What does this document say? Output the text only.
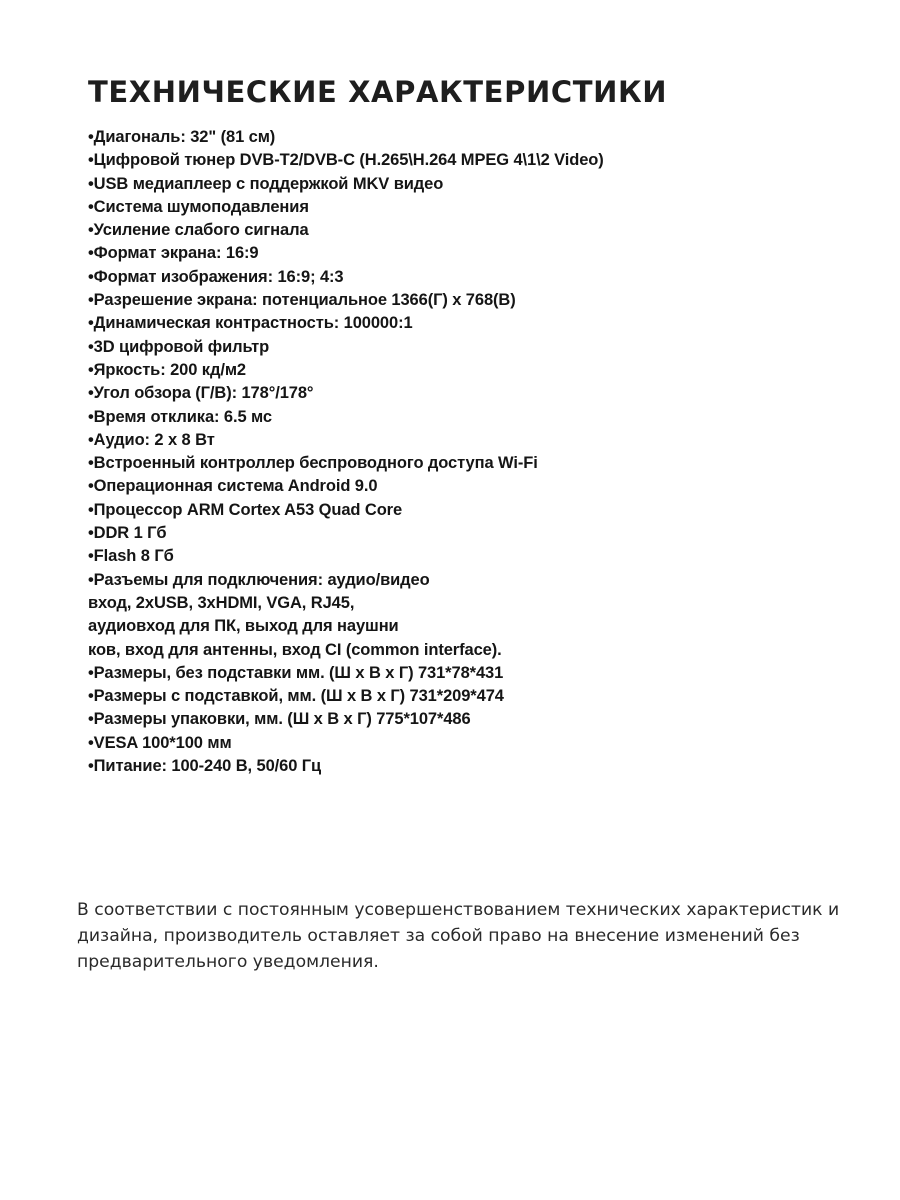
ТЕХНИЧЕСКИЕ ХАРАКТЕРИСТИКИ
•Диагональ: 32" (81 см)
•Цифровой тюнер DVB-T2/DVB-C (H.265\H.264 MPEG 4\1\2 Video)
•USB медиаплеер с поддержкой MKV видео
•Система шумоподавления
•Усиление слабого сигнала
•Формат экрана: 16:9
•Формат изображения: 16:9; 4:3
•Разрешение экрана: потенциальное 1366(Г) x 768(В)
•Динамическая контрастность: 100000:1
•3D цифровой фильтр
•Яркость: 200 кд/м2
•Угол обзора (Г/В): 178°/178°
•Время отклика: 6.5 мс
•Аудио: 2 x 8 Вт
•Встроенный контроллер беспроводного доступа Wi-Fi
•Операционная система Android 9.0
•Процессор ARM Cortex A53 Quad Core
•DDR 1 Гб
•Flash 8 Гб
•Разъемы для подключения: аудио/видео
вход, 2xUSB, 3xHDMI, VGA, RJ45,
аудиовход для ПК, выход для наушни
ков, вход для антенны, вход CI (common interface).
•Размеры, без подставки мм. (Ш x В x Г) 731*78*431
•Размеры с подставкой, мм. (Ш x В x Г) 731*209*474
•Размеры упаковки, мм. (Ш x В x Г) 775*107*486
•VESA 100*100 мм
•Питание: 100-240 В, 50/60 Гц

В соответствии с постоянным усовершенствованием технических характеристик и
дизайна, производитель оставляет за собой право на внесение изменений без
предварительного уведомления.
